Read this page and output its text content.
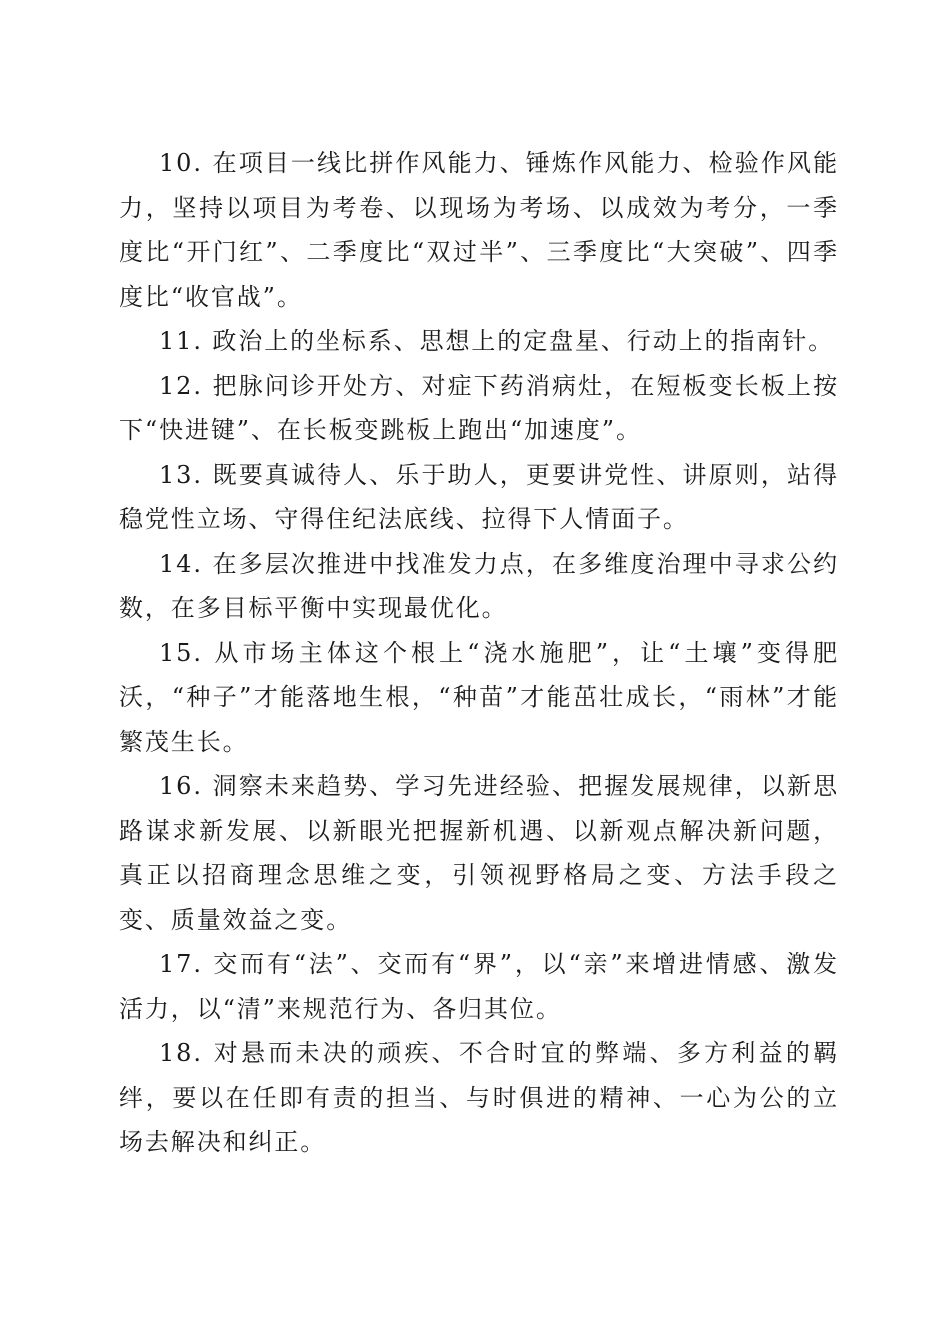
10. 在项目一线比拼作风能力、锤炼作风能力、检验作风能力，坚持以项目为考卷、以现场为考场、以成效为考分，一季度比“开门红”、二季度比“双过半”、三季度比“大突破”、四季度比“收官战”。

11. 政治上的坐标系、思想上的定盘星、行动上的指南针。

12. 把脉问诊开处方、对症下药消病灶，在短板变长板上按下“快进键”、在长板变跳板上跑出“加速度”。

13. 既要真诚待人、乐于助人，更要讲党性、讲原则，站得稳党性立场、守得住纪法底线、拉得下人情面子。

14. 在多层次推进中找准发力点，在多维度治理中寻求公约数，在多目标平衡中实现最优化。

15. 从市场主体这个根上“浇水施肥”，让“土壤”变得肥沃，“种子”才能落地生根，“种苗”才能茁壮成长，“雨林”才能繁茂生长。

16. 洞察未来趋势、学习先进经验、把握发展规律，以新思路谋求新发展、以新眼光把握新机遇、以新观点解决新问题，真正以招商理念思维之变，引领视野格局之变、方法手段之变、质量效益之变。

17. 交而有“法”、交而有“界”，以“亲”来增进情感、激发活力，以“清”来规范行为、各归其位。

18. 对悬而未决的顽疾、不合时宜的弊端、多方利益的羁绊，要以在任即有责的担当、与时俱进的精神、一心为公的立场去解决和纠正。
